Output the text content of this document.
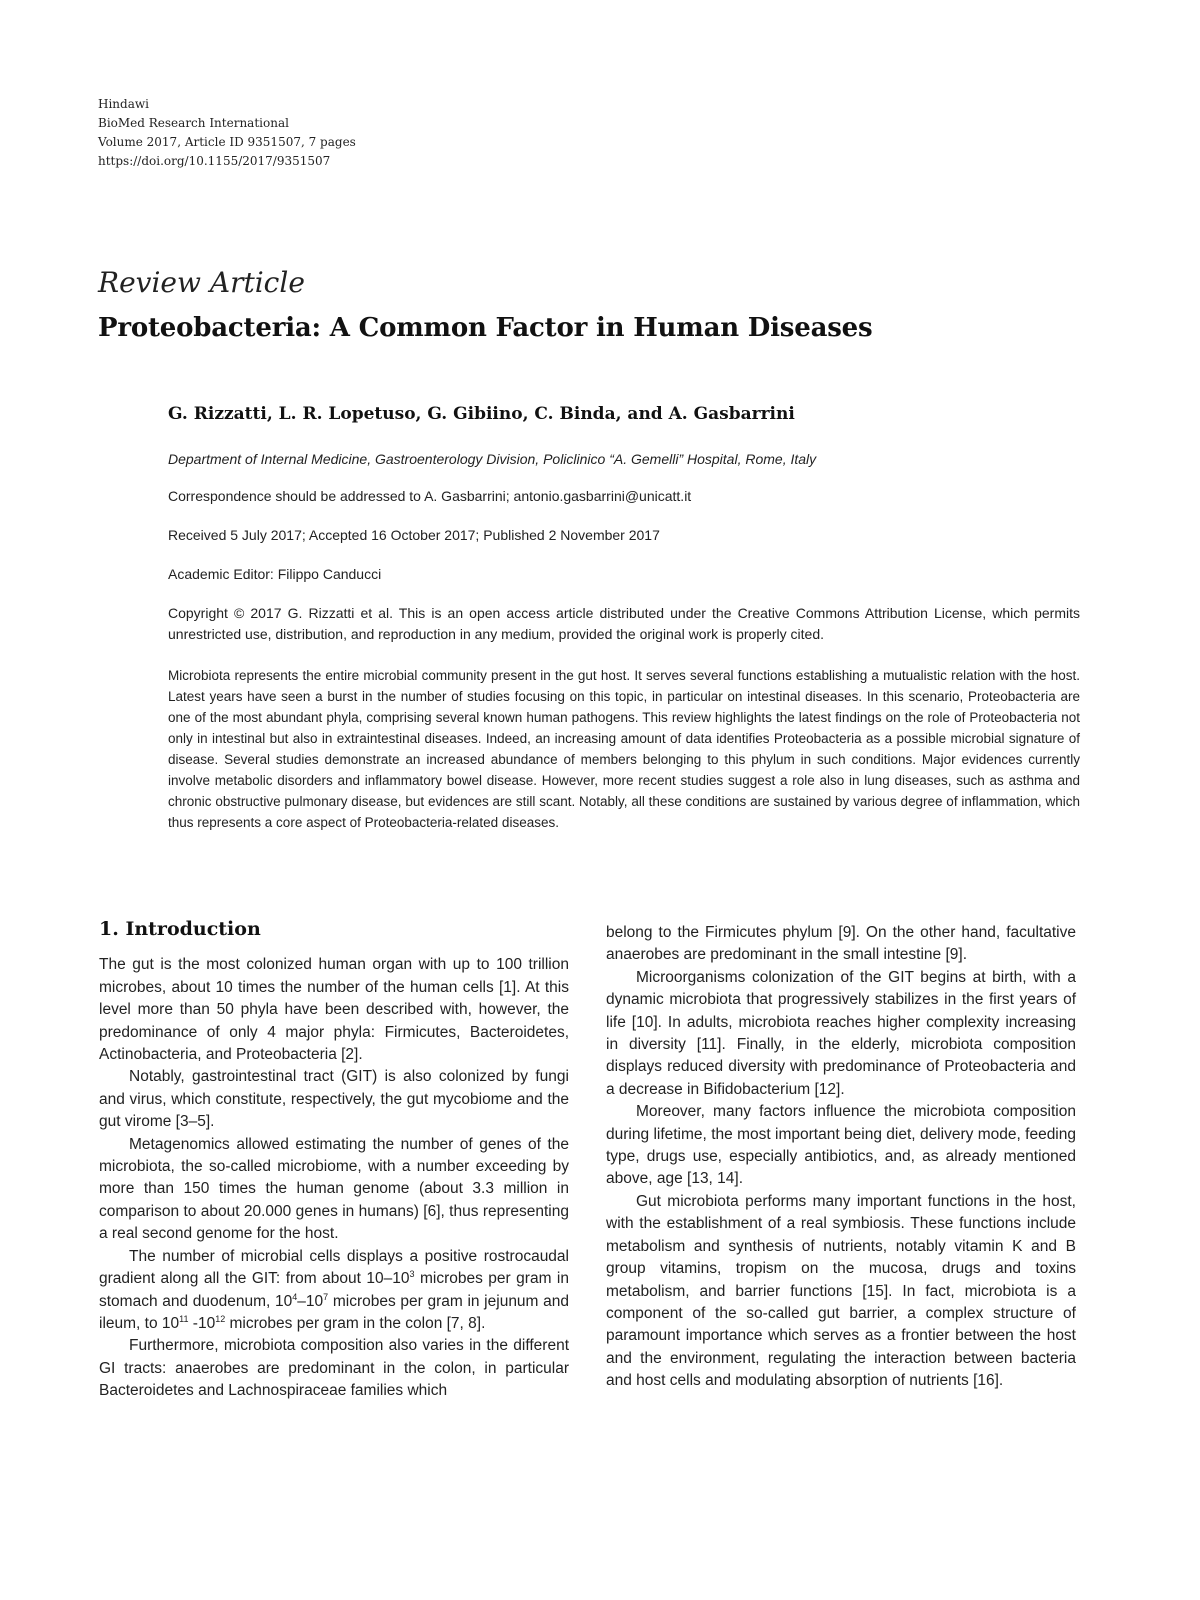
Hindawi
BioMed Research International
Volume 2017, Article ID 9351507, 7 pages
https://doi.org/10.1155/2017/9351507
Review Article
Proteobacteria: A Common Factor in Human Diseases
G. Rizzatti, L. R. Lopetuso, G. Gibiino, C. Binda, and A. Gasbarrini
Department of Internal Medicine, Gastroenterology Division, Policlinico “A. Gemelli” Hospital, Rome, Italy
Correspondence should be addressed to A. Gasbarrini; antonio.gasbarrini@unicatt.it
Received 5 July 2017; Accepted 16 October 2017; Published 2 November 2017
Academic Editor: Filippo Canducci
Copyright © 2017 G. Rizzatti et al. This is an open access article distributed under the Creative Commons Attribution License, which permits unrestricted use, distribution, and reproduction in any medium, provided the original work is properly cited.
Microbiota represents the entire microbial community present in the gut host. It serves several functions establishing a mutualistic relation with the host. Latest years have seen a burst in the number of studies focusing on this topic, in particular on intestinal diseases. In this scenario, Proteobacteria are one of the most abundant phyla, comprising several known human pathogens. This review highlights the latest findings on the role of Proteobacteria not only in intestinal but also in extraintestinal diseases. Indeed, an increasing amount of data identifies Proteobacteria as a possible microbial signature of disease. Several studies demonstrate an increased abundance of members belonging to this phylum in such conditions. Major evidences currently involve metabolic disorders and inflammatory bowel disease. However, more recent studies suggest a role also in lung diseases, such as asthma and chronic obstructive pulmonary disease, but evidences are still scant. Notably, all these conditions are sustained by various degree of inflammation, which thus represents a core aspect of Proteobacteria-related diseases.
1. Introduction

The gut is the most colonized human organ with up to 100 trillion microbes, about 10 times the number of the human cells [1]. At this level more than 50 phyla have been described with, however, the predominance of only 4 major phyla: Firmicutes, Bacteroidetes, Actinobacteria, and Proteobacteria [2].

Notably, gastrointestinal tract (GIT) is also colonized by fungi and virus, which constitute, respectively, the gut mycobiome and the gut virome [3–5].

Metagenomics allowed estimating the number of genes of the microbiota, the so-called microbiome, with a number exceeding by more than 150 times the human genome (about 3.3 million in comparison to about 20.000 genes in humans) [6], thus representing a real second genome for the host.

The number of microbial cells displays a positive rostrocaudal gradient along all the GIT: from about $10-10^3$ microbes per gram in stomach and duodenum, $10^4-10^7$ microbes per gram in jejunum and ileum, to $10^{11}$ $-10^{12}$ microbes per gram in the colon [7, 8].

Furthermore, microbiota composition also varies in the different GI tracts: anaerobes are predominant in the colon, in particular Bacteroidetes and Lachnospiraceae families which

belong to the Firmicutes phylum [9]. On the other hand, facultative anaerobes are predominant in the small intestine [9].

Microorganisms colonization of the GIT begins at birth, with a dynamic microbiota that progressively stabilizes in the first years of life [10]. In adults, microbiota reaches higher complexity increasing in diversity [11]. Finally, in the elderly, microbiota composition displays reduced diversity with predominance of Proteobacteria and a decrease in Bifidobacterium [12].

Moreover, many factors influence the microbiota composition during lifetime, the most important being diet, delivery mode, feeding type, drugs use, especially antibiotics, and, as already mentioned above, age [13, 14].

Gut microbiota performs many important functions in the host, with the establishment of a real symbiosis. These functions include metabolism and synthesis of nutrients, notably vitamin K and B group vitamins, tropism on the mucosa, drugs and toxins metabolism, and barrier functions [15]. In fact, microbiota is a component of the so-called gut barrier, a complex structure of paramount importance which serves as a frontier between the host and the environment, regulating the interaction between bacteria and host cells and modulating absorption of nutrients [16].
